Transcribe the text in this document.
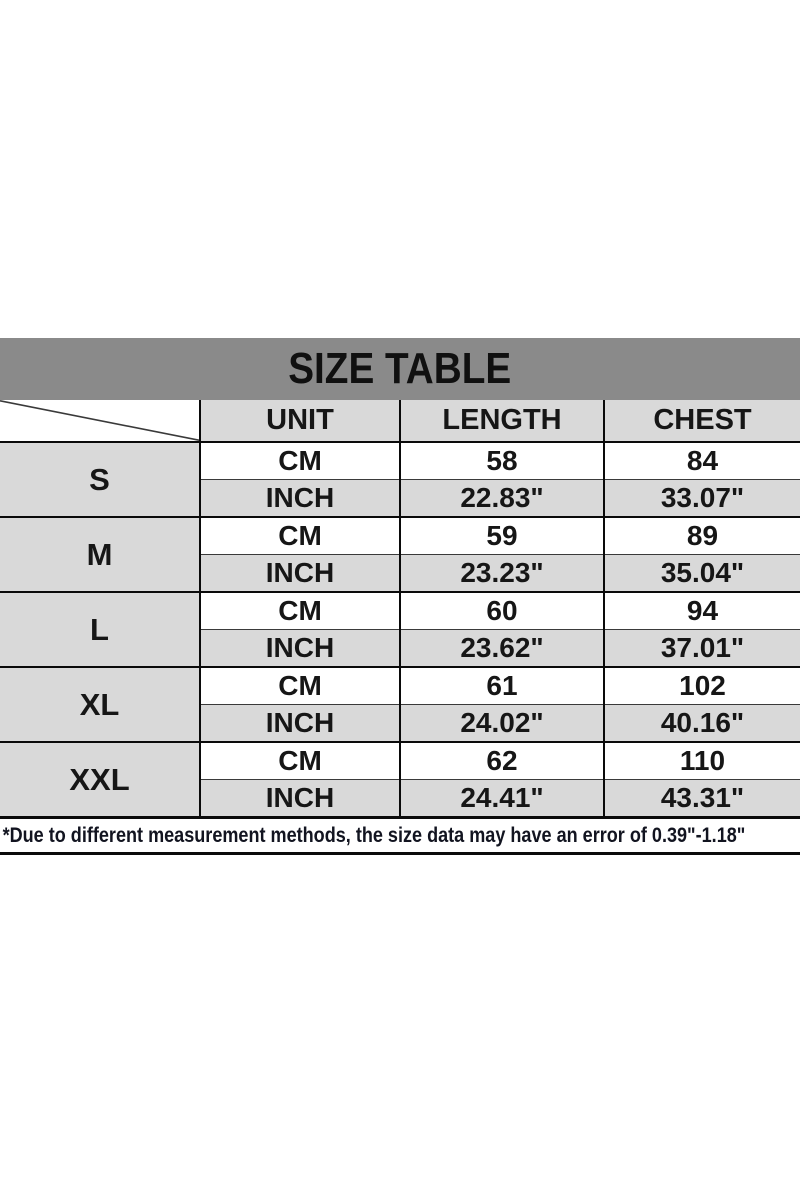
SIZE TABLE
	UNIT	LENGTH	CHEST
S	CM	58	84
	INCH	22.83"	33.07"
M	CM	59	89
	INCH	23.23"	35.04"
L	CM	60	94
	INCH	23.62"	37.01"
XL	CM	61	102
	INCH	24.02"	40.16"
XXL	CM	62	110
	INCH	24.41"	43.31"
*Due to different measurement methods, the size data may have an error of 0.39"-1.18"
